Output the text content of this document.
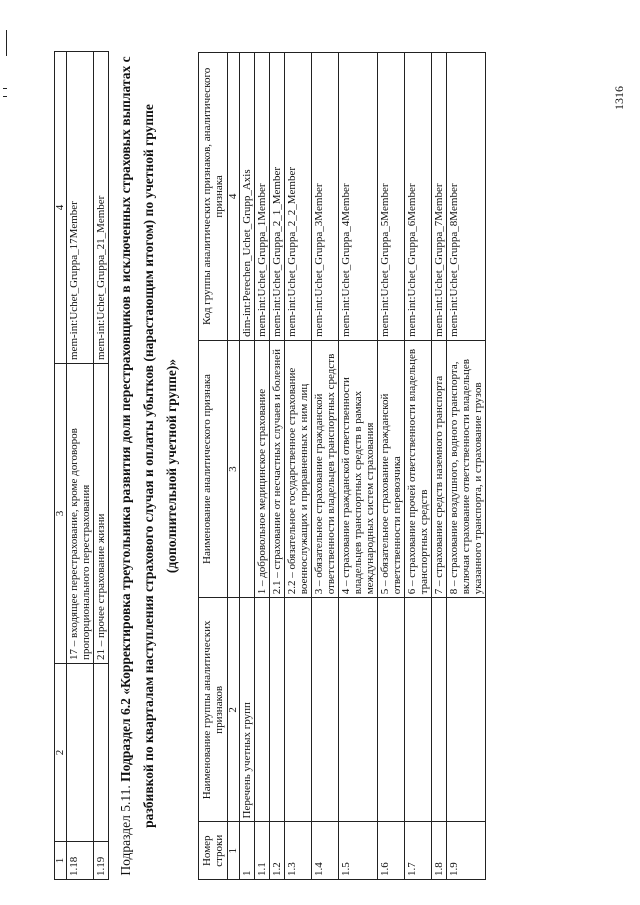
1316
1	2	3	4
1.18		17 – входящее перестрахование, кроме договоров пропорционального перестрахования	mem-int:Uchet_Gruppa_17Member
1.19		21 – прочее страхование жизни	mem-int:Uchet_Gruppa_21_Member
Подраздел 5.11. Подраздел 6.2 «Корректировка треугольника развития доли перестраховщиков в исключенных страховых выплатах с разбивкой по кварталам наступления страхового случая и оплаты убытков (нарастающим итогом) по учетной группе (дополнительной учетной группе)»
Номер строки	Наименование группы аналитических признаков	Наименование аналитического признака	Код группы аналитических признаков, аналитического признака
1	2	3	4
1	Перечень учетных групп		dim-int:Perechen_Uchet_Grupp_Axis
1.1		1 – добровольное медицинское страхование	mem-int:Uchet_Gruppa_1Member
1.2		2.1 – страхование от несчастных случаев и болезней	mem-int:Uchet_Gruppa_2_1_Member
1.3		2.2 – обязательное государственное страхование военнослужащих и приравненных к ним лиц	mem-int:Uchet_Gruppa_2_2_Member
1.4		3 – обязательное страхование гражданской ответственности владельцев транспортных средств	mem-int:Uchet_Gruppa_3Member
1.5		4 – страхование гражданской ответственности владельцев транспортных средств в рамках международных систем страхования	mem-int:Uchet_Gruppa_4Member
1.6		5 – обязательное страхование гражданской ответственности перевозчика	mem-int:Uchet_Gruppa_5Member
1.7		6 – страхование прочей ответственности владельцев транспортных средств	mem-int:Uchet_Gruppa_6Member
1.8		7 – страхование средств наземного транспорта	mem-int:Uchet_Gruppa_7Member
1.9		8 – страхование воздушного, водного транспорта, включая страхование ответственности владельцев указанного транспорта, и страхование грузов	mem-int:Uchet_Gruppa_8Member
